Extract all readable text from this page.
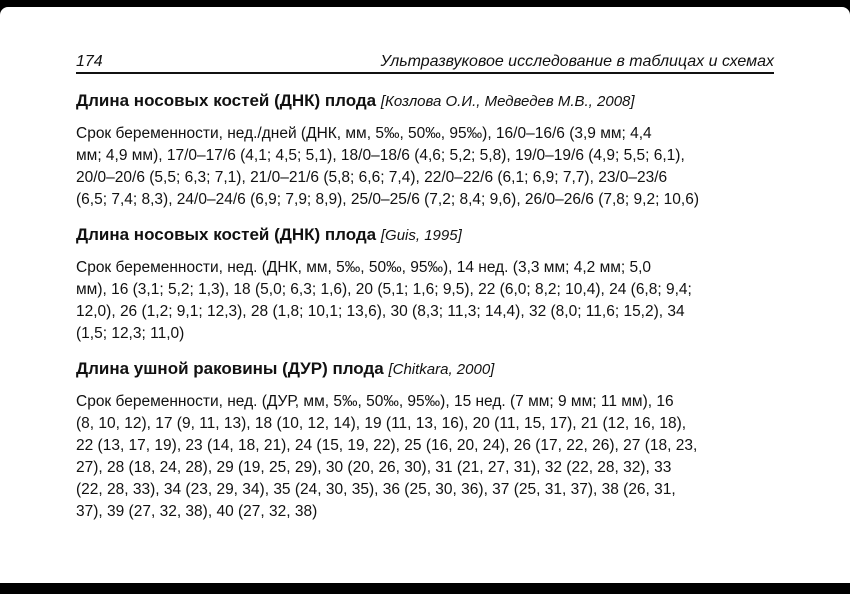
174	Ультразвуковое исследование в таблицах и схемах
Длина носовых костей (ДНК) плода [Козлова О.И., Медведев М.В., 2008]

Срок беременности, нед./дней (ДНК, мм, 5‰, 50‰, 95‰), 16/0–16/6 (3,9 мм; 4,4
мм; 4,9 мм), 17/0–17/6 (4,1; 4,5; 5,1), 18/0–18/6 (4,6; 5,2; 5,8), 19/0–19/6 (4,9; 5,5; 6,1),
20/0–20/6 (5,5; 6,3; 7,1), 21/0–21/6 (5,8; 6,6; 7,4), 22/0–22/6 (6,1; 6,9; 7,7), 23/0–23/6
(6,5; 7,4; 8,3), 24/0–24/6 (6,9; 7,9; 8,9), 25/0–25/6 (7,2; 8,4; 9,6), 26/0–26/6 (7,8; 9,2; 10,6)

Длина носовых костей (ДНК) плода [Guis, 1995]

Срок беременности, нед. (ДНК, мм, 5‰, 50‰, 95‰), 14 нед. (3,3 мм; 4,2 мм; 5,0
мм), 16 (3,1; 5,2; 1,3), 18 (5,0; 6,3; 1,6), 20 (5,1; 1,6; 9,5), 22 (6,0; 8,2; 10,4), 24 (6,8; 9,4;
12,0), 26 (1,2; 9,1; 12,3), 28 (1,8; 10,1; 13,6), 30 (8,3; 11,3; 14,4), 32 (8,0; 11,6; 15,2), 34
(1,5; 12,3; 11,0)

Длина ушной раковины (ДУР) плода [Chitkara, 2000]

Срок беременности, нед. (ДУР, мм, 5‰, 50‰, 95‰), 15 нед. (7 мм; 9 мм; 11 мм), 16
(8, 10, 12), 17 (9, 11, 13), 18 (10, 12, 14), 19 (11, 13, 16), 20 (11, 15, 17), 21 (12, 16, 18),
22 (13, 17, 19), 23 (14, 18, 21), 24 (15, 19, 22), 25 (16, 20, 24), 26 (17, 22, 26), 27 (18, 23,
27), 28 (18, 24, 28), 29 (19, 25, 29), 30 (20, 26, 30), 31 (21, 27, 31), 32 (22, 28, 32), 33
(22, 28, 33), 34 (23, 29, 34), 35 (24, 30, 35), 36 (25, 30, 36), 37 (25, 31, 37), 38 (26, 31,
37), 39 (27, 32, 38), 40 (27, 32, 38)
